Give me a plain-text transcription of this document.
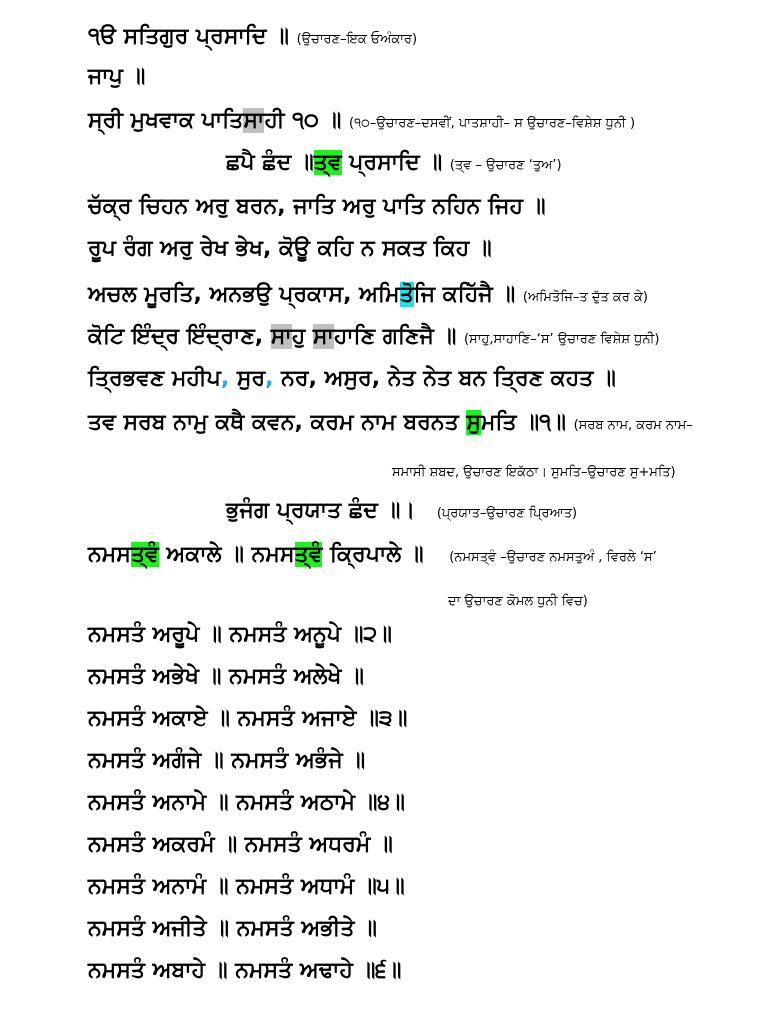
੧ੳ ਸਤਿਗੁਰ ਪ੍ਰਸਾਦਿ ॥ (ਉਚਾਰਣ–ਇਕ ਓਅੰਕਾਰ)
ਜਾਪੁ ॥
ਸ੍ਰੀ ਮੁਖਵਾਕ ਪਾਤਿਸਾਹੀ ੧੦ ॥ (੧੦–ਉਚਾਰਣ–ਦਸਵੀਂ, ਪਾਤਸ਼ਾਹੀ– ਸ ਉਚਾਰਣ–ਵਿਸ਼ੇਸ਼ ਧੁਨੀ )
ਛਪੈ ਛੰਦ ॥ਤ੍ਵ ਪ੍ਰਸਾਦਿ ॥ (ਤ੍ਵ – ਉਚਾਰਣ ‘ਤੁਅ’)
ਚੱਕ੍ਰ ਚਿਹਨ ਅਰੁ ਬਰਨ, ਜਾਤਿ ਅਰੁ ਪਾਤਿ ਨਹਿਨ ਜਿਹ ॥
ਰੂਪ ਰੰਗ ਅਰੁ ਰੇਖ ਭੇਖ, ਕੋਊ ਕਹਿ ਨ ਸਕਤ ਕਿਹ ॥
ਅਚਲ ਮੂਰਤਿ, ਅਨਭਉ ਪ੍ਰਕਾਸ, ਅਮਿਤੋਜਿ ਕਹਿੱਜੈ ॥ (ਅਮਿਤੋਜਿ–ਤ ਦੁੱਤ ਕਰ ਕੇ)
ਕੋਟਿ ਇੰਦ੍ਰ ਇੰਦ੍ਰਾਣ, ਸਾਹੁ ਸਾਹਾਣਿ ਗਣਿਜੈ ॥ (ਸਾਹੁ,ਸਾਹਾਣਿ–‘ਸ’ ਉਚਾਰਣ ਵਿਸ਼ੇਸ਼ ਧੁਨੀ)
ਤ੍ਰਿਭਵਣ ਮਹੀਪ, ਸੁਰ, ਨਰ, ਅਸੁਰ, ਨੇਤ ਨੇਤ ਬਨ ਤ੍ਰਿਣ ਕਹਤ ॥
ਤਵ ਸਰਬ ਨਾਮੁ ਕਥੈ ਕਵਨ, ਕਰਮ ਨਾਮ ਬਰਨਤ ਸੁਮਤਿ ॥੧॥ (ਸਰਬ ਨਾਮ, ਕਰਮ ਨਾਮ–
ਸਮਾਸੀ ਸ਼ਬਦ, ਉਚਾਰਣ ਇਕੱਠਾ। ਸੁਮਤਿ–ਉਚਾਰਣ ਸੁ+ਮਤਿ)
ਭੁਜੰਗ ਪ੍ਰਯਾਤ ਛੰਦ ॥। (ਪ੍ਰਯਾਤ–ਉਚਾਰਣ ਪ੍ਰਿਆਤ)
ਨਮਸਤ੍ਵੰ ਅਕਾਲੇ ॥ ਨਮਸਤ੍ਵੰ ਕ੍ਰਿਪਾਲੇ ॥ (ਨਮਸਤ੍ਵੰ –ਉਚਾਰਣ ਨਮਸਤੁਅੰ , ਵਿਰਲੇ ‘ਸ’
ਦਾ ਉਚਾਰਣ ਕੋਮਲ ਧੁਨੀ ਵਿਚ)
ਨਮਸਤੰ ਅਰੂਪੇ ॥ ਨਮਸਤੰ ਅਨੂਪੇ ॥੨॥
ਨਮਸਤੰ ਅਭੇਖੇ ॥ ਨਮਸਤੰ ਅਲੇਖੇ ॥
ਨਮਸਤੰ ਅਕਾਏ ॥ ਨਮਸਤੰ ਅਜਾਏ ॥੩॥
ਨਮਸਤੰ ਅਗੰਜੇ ॥ ਨਮਸਤੰ ਅਭੰਜੇ ॥
ਨਮਸਤੰ ਅਨਾਮੇ ॥ ਨਮਸਤੰ ਅਠਾਮੇ ॥੪॥
ਨਮਸਤੰ ਅਕਰਮੰ ॥ ਨਮਸਤੰ ਅਧਰਮੰ ॥
ਨਮਸਤੰ ਅਨਾਮੰ ॥ ਨਮਸਤੰ ਅਧਾਮੰ ॥੫॥
ਨਮਸਤੰ ਅਜੀਤੇ ॥ ਨਮਸਤੰ ਅਭੀਤੇ ॥
ਨਮਸਤੰ ਅਬਾਹੇ ॥ ਨਮਸਤੰ ਅਢਾਹੇ ॥੬॥
